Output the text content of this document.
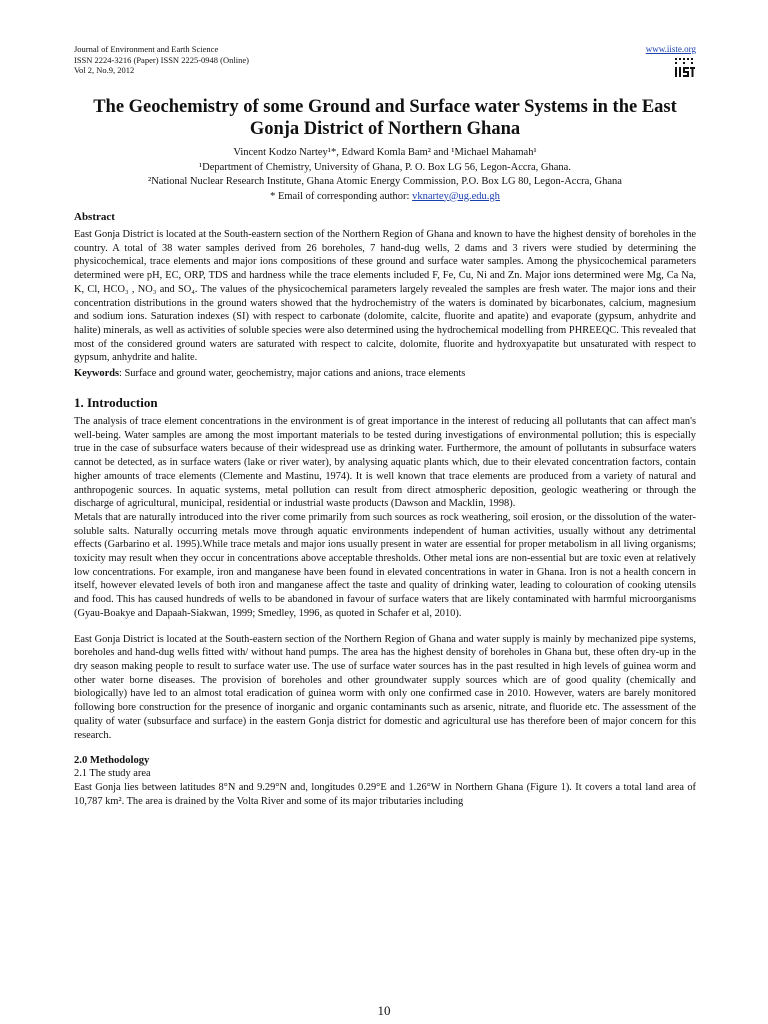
Journal of Environment and Earth Science
ISSN 2224-3216 (Paper) ISSN 2225-0948 (Online)
Vol 2, No.9, 2012
www.iiste.org
The Geochemistry of some Ground and Surface water Systems in the East Gonja District of Northern Ghana
Vincent Kodzo Nartey¹*, Edward Komla Bam² and ¹Michael Mahamah¹
¹Department of Chemistry, University of Ghana, P. O. Box LG 56, Legon-Accra, Ghana.
²National Nuclear Research Institute, Ghana Atomic Energy Commission, P.O. Box LG 80, Legon-Accra, Ghana
* Email of corresponding author: vknartey@ug.edu.gh
Abstract

East Gonja District is located at the South-eastern section of the Northern Region of Ghana and known to have the highest density of boreholes in the country. A total of 38 water samples derived from 26 boreholes, 7 hand-dug wells, 2 dams and 3 rivers were studied by determining the physicochemical, trace elements and major ions compositions of these ground and surface water samples. Among the physicochemical parameters determined were pH, EC, ORP, TDS and hardness while the trace elements included F, Fe, Cu, Ni and Zn. Major ions determined were Mg, Ca Na, K, Cl, HCO₃ , NO₃ and SO₄. The values of the physicochemical parameters largely revealed the samples are fresh water. The major ions and their concentration distributions in the ground waters showed that the hydrochemistry of the waters is dominated by bicarbonates, calcium, magnesium and sodium ions. Saturation indexes (SI) with respect to carbonate (dolomite, calcite, fluorite and apatite) and evaporate (gypsum, anhydrite and halite) minerals, as well as activities of soluble species were also determined using the hydrochemical modelling from PHREEQC. This revealed that most of the considered ground waters are saturated with respect to calcite, dolomite, fluorite and hydroxyapatite but unsaturated with respect to gypsum, anhydrite and halite.

Keywords: Surface and ground water, geochemistry, major cations and anions, trace elements
1. Introduction

The analysis of trace element concentrations in the environment is of great importance in the interest of reducing all pollutants that can affect man's well-being. Water samples are among the most important materials to be tested during investigations of environmental pollution; this is especially true in the case of subsurface waters because of their widespread use as drinking water. Furthermore, the amount of pollutants in subsurface waters cannot be detected, as in surface waters (lake or river water), by analysing aquatic plants which, due to their elevated concentration factors, contain higher amounts of trace elements (Clemente and Mastinu, 1974). It is well known that trace elements are produced from a variety of natural and anthropogenic sources. In aquatic systems, metal pollution can result from direct atmospheric deposition, geologic weathering or through the discharge of agricultural, municipal, residential or industrial waste products (Dawson and Macklin, 1998).

Metals that are naturally introduced into the river come primarily from such sources as rock weathering, soil erosion, or the dissolution of the water-soluble salts. Naturally occurring metals move through aquatic environments independent of human activities, usually without any detrimental effects (Garbarino et al. 1995).While trace metals and major ions usually present in water are essential for proper metabolism in all living organisms; toxicity may result when they occur in concentrations above acceptable thresholds. Other metal ions are non-essential but are toxic even at relatively low concentrations. For example, iron and manganese have been found in elevated concentrations in water in Ghana. Iron is not a health concern in itself, however elevated levels of both iron and manganese affect the taste and quality of drinking water, leading to colouration of cooking utensils and food. This has caused hundreds of wells to be abandoned in favour of surface waters that are likely contaminated with harmful microorganisms (Gyau-Boakye and Dapaah-Siakwan, 1999; Smedley, 1996, as quoted in Schafer et al, 2010).

East Gonja District is located at the South-eastern section of the Northern Region of Ghana and water supply is mainly by mechanized pipe systems, boreholes and hand-dug wells fitted with/ without hand pumps. The area has the highest density of boreholes in Ghana but, these often dry-up in the dry season making people to result to surface water use. The use of surface water sources has in the past resulted in high levels of guinea worm and other water borne diseases. The provision of boreholes and other groundwater supply sources which are of good quality (chemically and biologically) have led to an almost total eradication of guinea worm with only one confirmed case in 2010. However, waters are barely monitored following bore construction for the presence of inorganic and organic contaminants such as arsenic, nitrate, and fluoride etc. The assessment of the quality of water (subsurface and surface) in the eastern Gonja district for domestic and agricultural use has therefore been of major concern for this research.

2.0 Methodology
2.1 The study area

East Gonja lies between latitudes 8°N and 9.29°N and, longitudes 0.29°E and 1.26°W in Northern Ghana (Figure 1). It covers a total land area of 10,787 km². The area is drained by the Volta River and some of its major tributaries including

10
